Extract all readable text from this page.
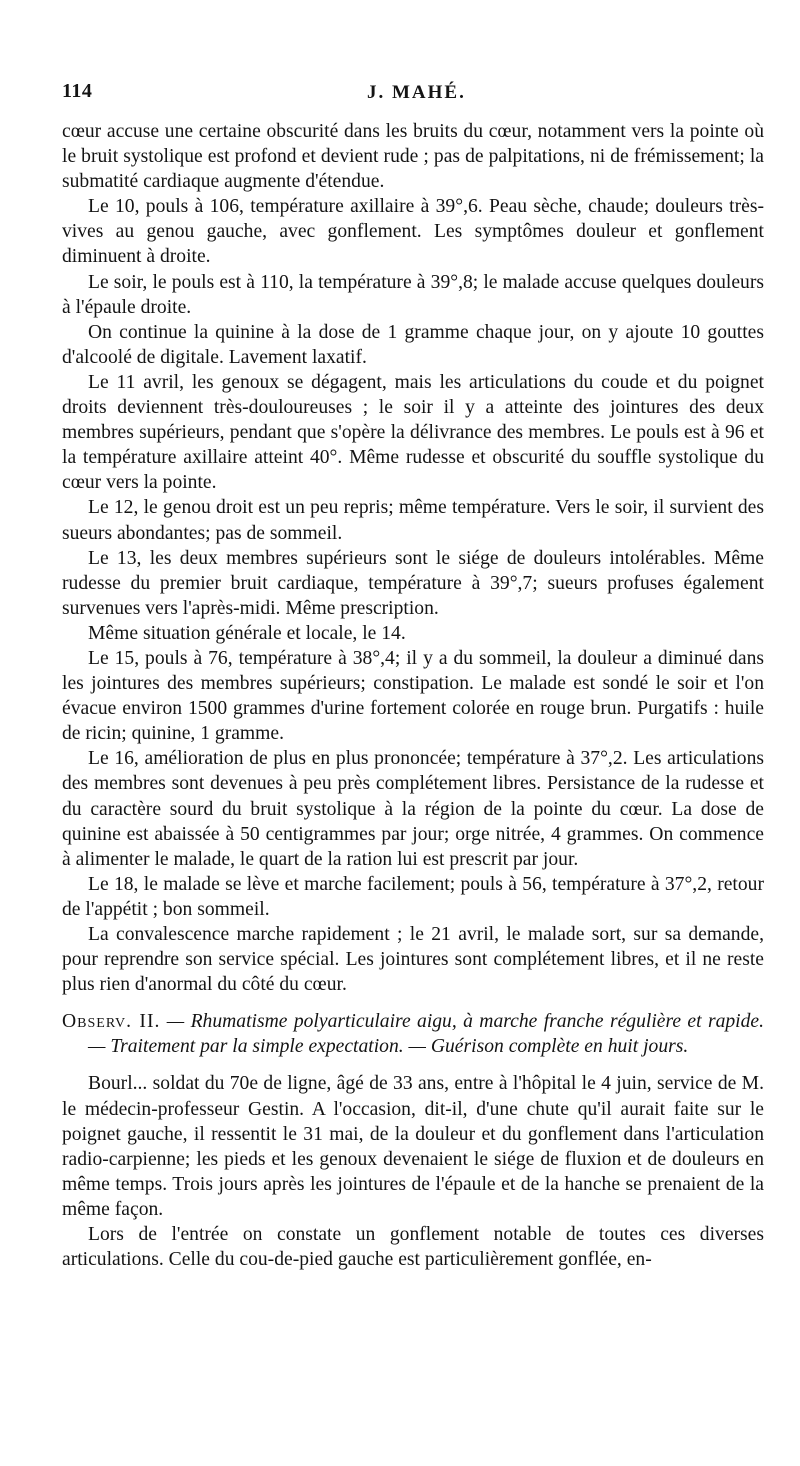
114	J. MAHÉ.

cœur accuse une certaine obscurité dans les bruits du cœur, notamment vers la pointe où le bruit systolique est profond et devient rude ; pas de palpitations, ni de frémissement; la submatité cardiaque augmente d'étendue.

Le 10, pouls à 106, température axillaire à 39°,6. Peau sèche, chaude; douleurs très-vives au genou gauche, avec gonflement. Les symptômes douleur et gonflement diminuent à droite.

Le soir, le pouls est à 110, la température à 39°,8; le malade accuse quelques douleurs à l'épaule droite.

On continue la quinine à la dose de 1 gramme chaque jour, on y ajoute 10 gouttes d'alcoolé de digitale. Lavement laxatif.

Le 11 avril, les genoux se dégagent, mais les articulations du coude et du poignet droits deviennent très-douloureuses ; le soir il y a atteinte des jointures des deux membres supérieurs, pendant que s'opère la délivrance des membres. Le pouls est à 96 et la température axillaire atteint 40°. Même rudesse et obscurité du souffle systolique du cœur vers la pointe.

Le 12, le genou droit est un peu repris; même température. Vers le soir, il survient des sueurs abondantes; pas de sommeil.

Le 13, les deux membres supérieurs sont le siége de douleurs intolérables. Même rudesse du premier bruit cardiaque, température à 39°,7; sueurs profuses également survenues vers l'après-midi. Même prescription.

Même situation générale et locale, le 14.

Le 15, pouls à 76, température à 38°,4; il y a du sommeil, la douleur a diminué dans les jointures des membres supérieurs; constipation. Le malade est sondé le soir et l'on évacue environ 1500 grammes d'urine fortement colorée en rouge brun. Purgatifs : huile de ricin; quinine, 1 gramme.

Le 16, amélioration de plus en plus prononcée; température à 37°,2. Les articulations des membres sont devenues à peu près complétement libres. Persistance de la rudesse et du caractère sourd du bruit systolique à la région de la pointe du cœur. La dose de quinine est abaissée à 50 centigrammes par jour; orge nitrée, 4 grammes. On commence à alimenter le malade, le quart de la ration lui est prescrit par jour.

Le 18, le malade se lève et marche facilement; pouls à 56, température à 37°,2, retour de l'appétit ; bon sommeil.

La convalescence marche rapidement ; le 21 avril, le malade sort, sur sa demande, pour reprendre son service spécial. Les jointures sont complétement libres, et il ne reste plus rien d'anormal du côté du cœur.

Observ. II. — Rhumatisme polyarticulaire aigu, à marche franche régulière et rapide. — Traitement par la simple expectation. — Guérison complète en huit jours.

Bourl... soldat du 70e de ligne, âgé de 33 ans, entre à l'hôpital le 4 juin, service de M. le médecin-professeur Gestin. A l'occasion, dit-il, d'une chute qu'il aurait faite sur le poignet gauche, il ressentit le 31 mai, de la douleur et du gonflement dans l'articulation radio-carpienne; les pieds et les genoux devenaient le siége de fluxion et de douleurs en même temps. Trois jours après les jointures de l'épaule et de la hanche se prenaient de la même façon.

Lors de l'entrée on constate un gonflement notable de toutes ces diverses articulations. Celle du cou-de-pied gauche est particulièrement gonflée, en-
